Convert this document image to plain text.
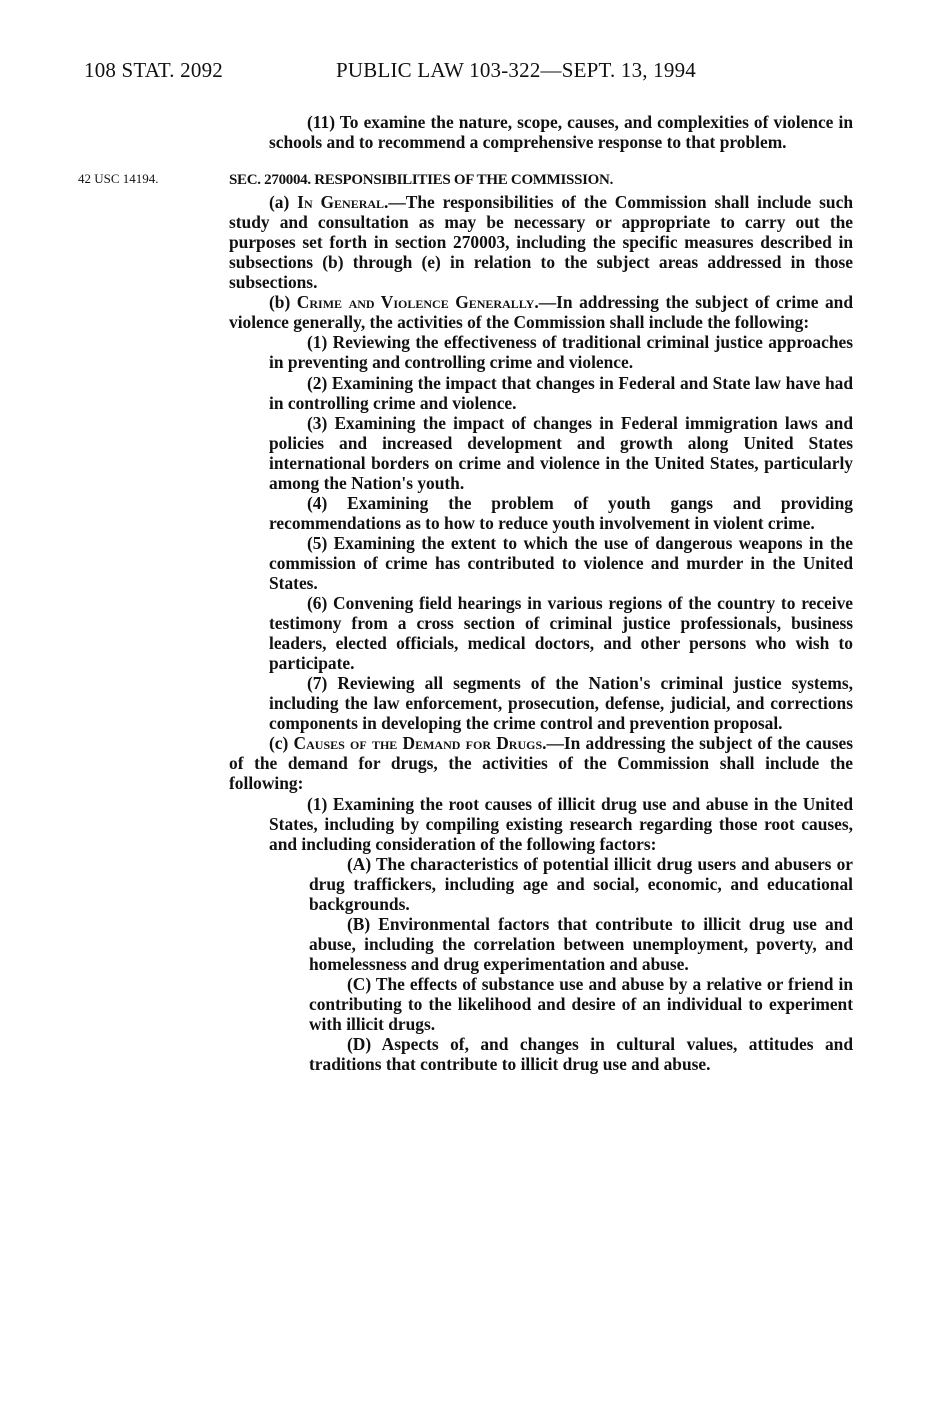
108 STAT. 2092	PUBLIC LAW 103-322—SEPT. 13, 1994

(11) To examine the nature, scope, causes, and complexities of violence in schools and to recommend a comprehensive response to that problem.

42 USC 14194.	SEC. 270004. RESPONSIBILITIES OF THE COMMISSION.

(a) In General.—The responsibilities of the Commission shall include such study and consultation as may be necessary or appropriate to carry out the purposes set forth in section 270003, including the specific measures described in subsections (b) through (e) in relation to the subject areas addressed in those subsections.

(b) Crime and Violence Generally.—In addressing the subject of crime and violence generally, the activities of the Commission shall include the following:

(1) Reviewing the effectiveness of traditional criminal justice approaches in preventing and controlling crime and violence.

(2) Examining the impact that changes in Federal and State law have had in controlling crime and violence.

(3) Examining the impact of changes in Federal immigration laws and policies and increased development and growth along United States international borders on crime and violence in the United States, particularly among the Nation's youth.

(4) Examining the problem of youth gangs and providing recommendations as to how to reduce youth involvement in violent crime.

(5) Examining the extent to which the use of dangerous weapons in the commission of crime has contributed to violence and murder in the United States.

(6) Convening field hearings in various regions of the country to receive testimony from a cross section of criminal justice professionals, business leaders, elected officials, medical doctors, and other persons who wish to participate.

(7) Reviewing all segments of the Nation's criminal justice systems, including the law enforcement, prosecution, defense, judicial, and corrections components in developing the crime control and prevention proposal.

(c) Causes of the Demand for Drugs.—In addressing the subject of the causes of the demand for drugs, the activities of the Commission shall include the following:

(1) Examining the root causes of illicit drug use and abuse in the United States, including by compiling existing research regarding those root causes, and including consideration of the following factors:

(A) The characteristics of potential illicit drug users and abusers or drug traffickers, including age and social, economic, and educational backgrounds.

(B) Environmental factors that contribute to illicit drug use and abuse, including the correlation between unemployment, poverty, and homelessness and drug experimentation and abuse.

(C) The effects of substance use and abuse by a relative or friend in contributing to the likelihood and desire of an individual to experiment with illicit drugs.

(D) Aspects of, and changes in cultural values, attitudes and traditions that contribute to illicit drug use and abuse.
